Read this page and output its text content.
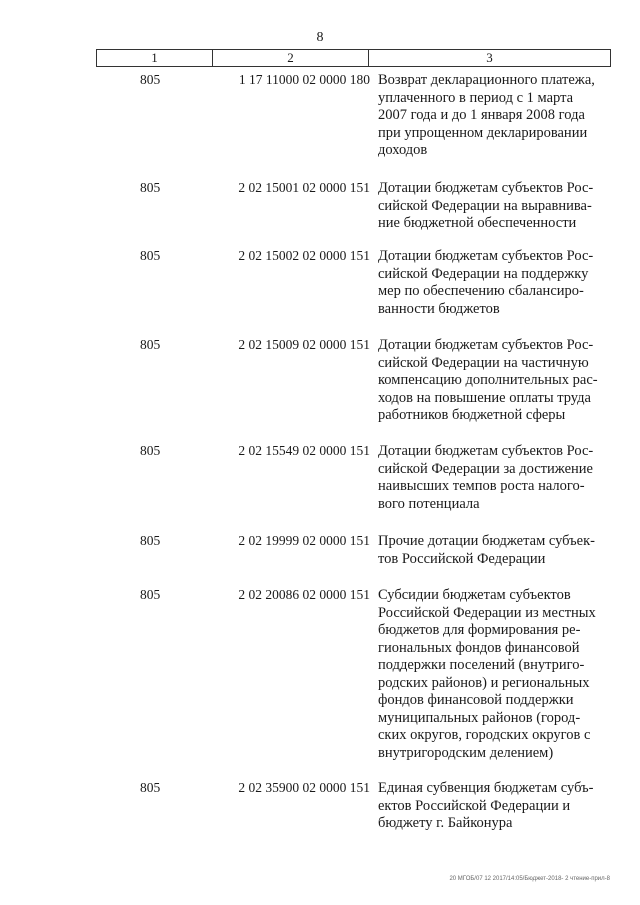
8
1	2	3
805	1 17 11000 02 0000 180 Возврат декларационного платежа,
уплаченного в период с 1 марта
2007 года и до 1 января 2008 года
при упрощенном декларировании
доходов
805	2 02 15001 02 0000 151 Дотации бюджетам субъектов Рос-
сийской Федерации на выравнива-
ние бюджетной обеспеченности
805	2 02 15002 02 0000 151 Дотации бюджетам субъектов Рос-
сийской Федерации на поддержку
мер по обеспечению сбалансиро-
ванности бюджетов
805	2 02 15009 02 0000 151 Дотации бюджетам субъектов Рос-
сийской Федерации на частичную
компенсацию дополнительных рас-
ходов на повышение оплаты труда
работников бюджетной сферы
805	2 02 15549 02 0000 151 Дотации бюджетам субъектов Рос-
сийской Федерации за достижение
наивысших темпов роста налого-
вого потенциала
805	2 02 19999 02 0000 151 Прочие дотации бюджетам субъек-
тов Российской Федерации
805	2 02 20086 02 0000 151 Субсидии бюджетам субъектов
Российской Федерации из местных
бюджетов для формирования ре-
гиональных фондов финансовой
поддержки поселений (внутриго-
родских районов) и региональных
фондов финансовой поддержки
муниципальных районов (город-
ских округов, городских округов с
внутригородским делением)
805	2 02 35900 02 0000 151 Единая субвенция бюджетам субъ-
ектов Российской Федерации и
бюджету г. Байконура
20 МГОБ/07 12 2017/14:05/Бюджет-2018- 2 чтение-прил-8
